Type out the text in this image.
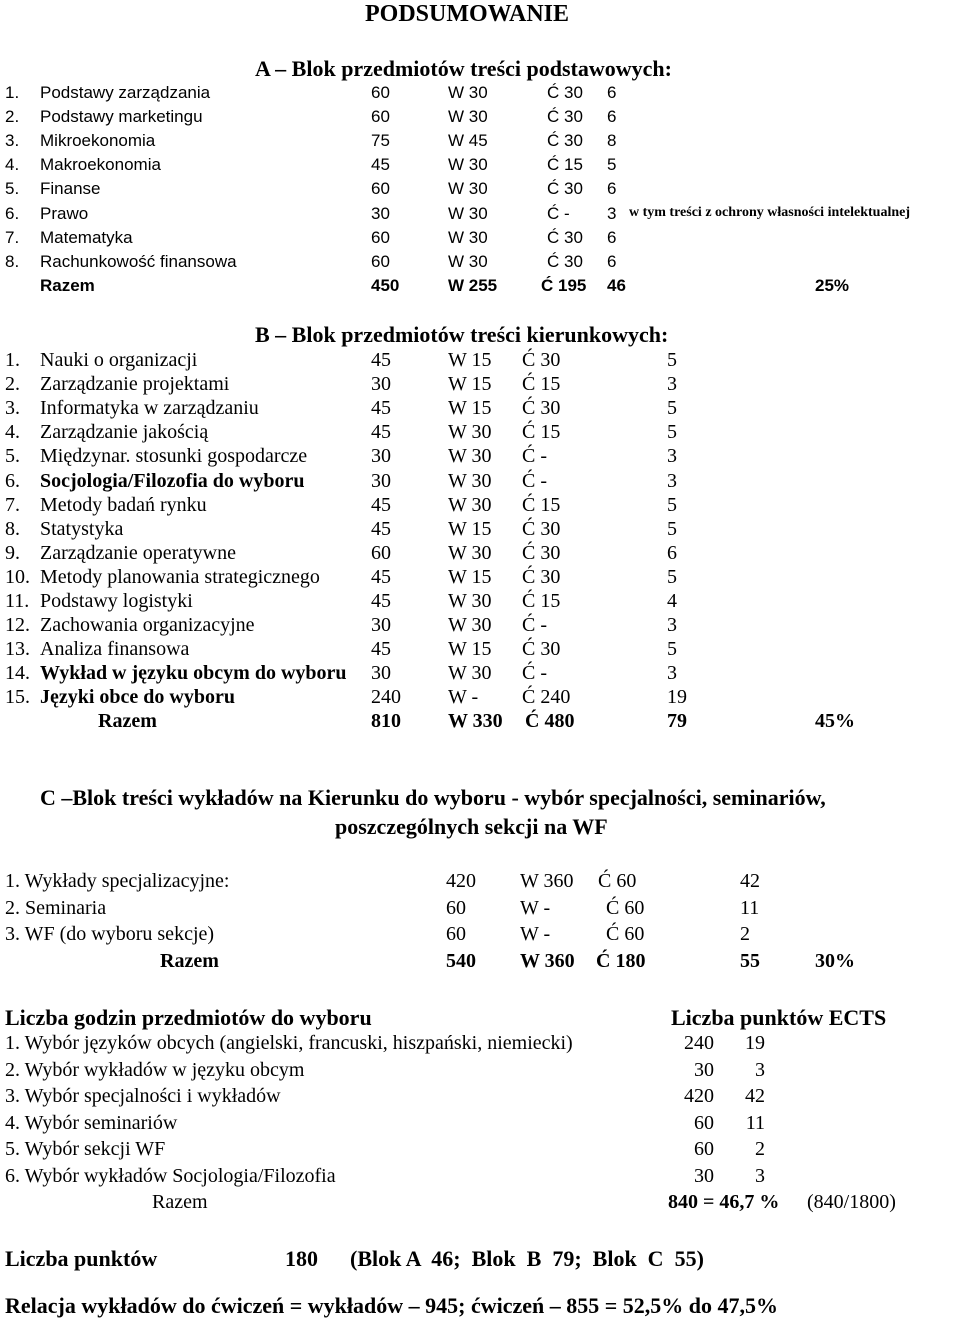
PODSUMOWANIE
A – Blok przedmiotów treści podstawowych:
B – Blok przedmiotów treści kierunkowych:
C –Blok treści wykładów na Kierunku do wyboru - wybór specjalności, seminariów,
poszczególnych sekcji na WF
Liczba godzin przedmiotów do wyboru	Liczba punktów ECTS
Razem	840 = 46,7 % (840/1800)
Liczba punktów	180 (Blok A  46;  Blok  B  79;  Blok  C  55)
Relacja wykładów do ćwiczeń = wykładów – 945; ćwiczeń – 855 = 52,5% do 47,5%
1. Podstawy zarządzania	60	W 30	Ć 30 6
2. Podstawy marketingu	60	W 30	Ć 30 6
3. Mikroekonomia	75	W 45	Ć 30 8
4. Makroekonomia	45	W 30	Ć 15 5
5. Finanse	60	W 30	Ć 30 6
6. Prawo	30	W 30	Ć - 3
7. Matematyka	60	W 30	Ć 30 6
8. Rachunkowość finansowa	60	W 30	Ć 30 6
w tym treści z ochrony własności intelektualnej
Razem	450	W 255	Ć 195 46	25%
1. Nauki o organizacji	45	W 15 Ć 30	5
2. Zarządzanie projektami	30	W 15 Ć 15	3
3. Informatyka w zarządzaniu	45	W 15 Ć 30	5
4. Zarządzanie jakością	45	W 30 Ć 15	5
5. Międzynar. stosunki gospodarcze	30	W 30 Ć -	3
6. Socjologia/Filozofia do wyboru	30	W 30 Ć -	3
7. Metody badań rynku	45	W 30 Ć 15	5
8. Statystyka	45	W 15 Ć 30	5
9. Zarządzanie operatywne	60	W 30 Ć 30	6
10. Metody planowania strategicznego	45	W 15 Ć 30	5
11. Podstawy logistyki	45	W 30 Ć 15	4
12. Zachowania organizacyjne	30	W 30 Ć -	3
13. Analiza finansowa	45	W 15 Ć 30	5
14. Wykład w języku obcym do wyboru 30	W 30 Ć -	3
15. Języki obce do wyboru	240 W - Ć 240	19
Razem	810 W 330 Ć 480	79	45%
1. Wykłady specjalizacyjne:	420 W 360 Ć 60	42
2. Seminaria	60	W -	Ć 60	11
3. WF (do wyboru sekcje)	60	W -	Ć 60	2
Razem	540 W 360 Ć 180	55	30%
1. Wybór języków obcych (angielski, francuski, hiszpański, niemiecki)	240 19
2. Wybór wykładów w języku obcym	30 3
3. Wybór specjalności i wykładów	420 42
4. Wybór seminariów	60 11
5. Wybór sekcji WF	60 2
6. Wybór wykładów Socjologia/Filozofia	30 3
